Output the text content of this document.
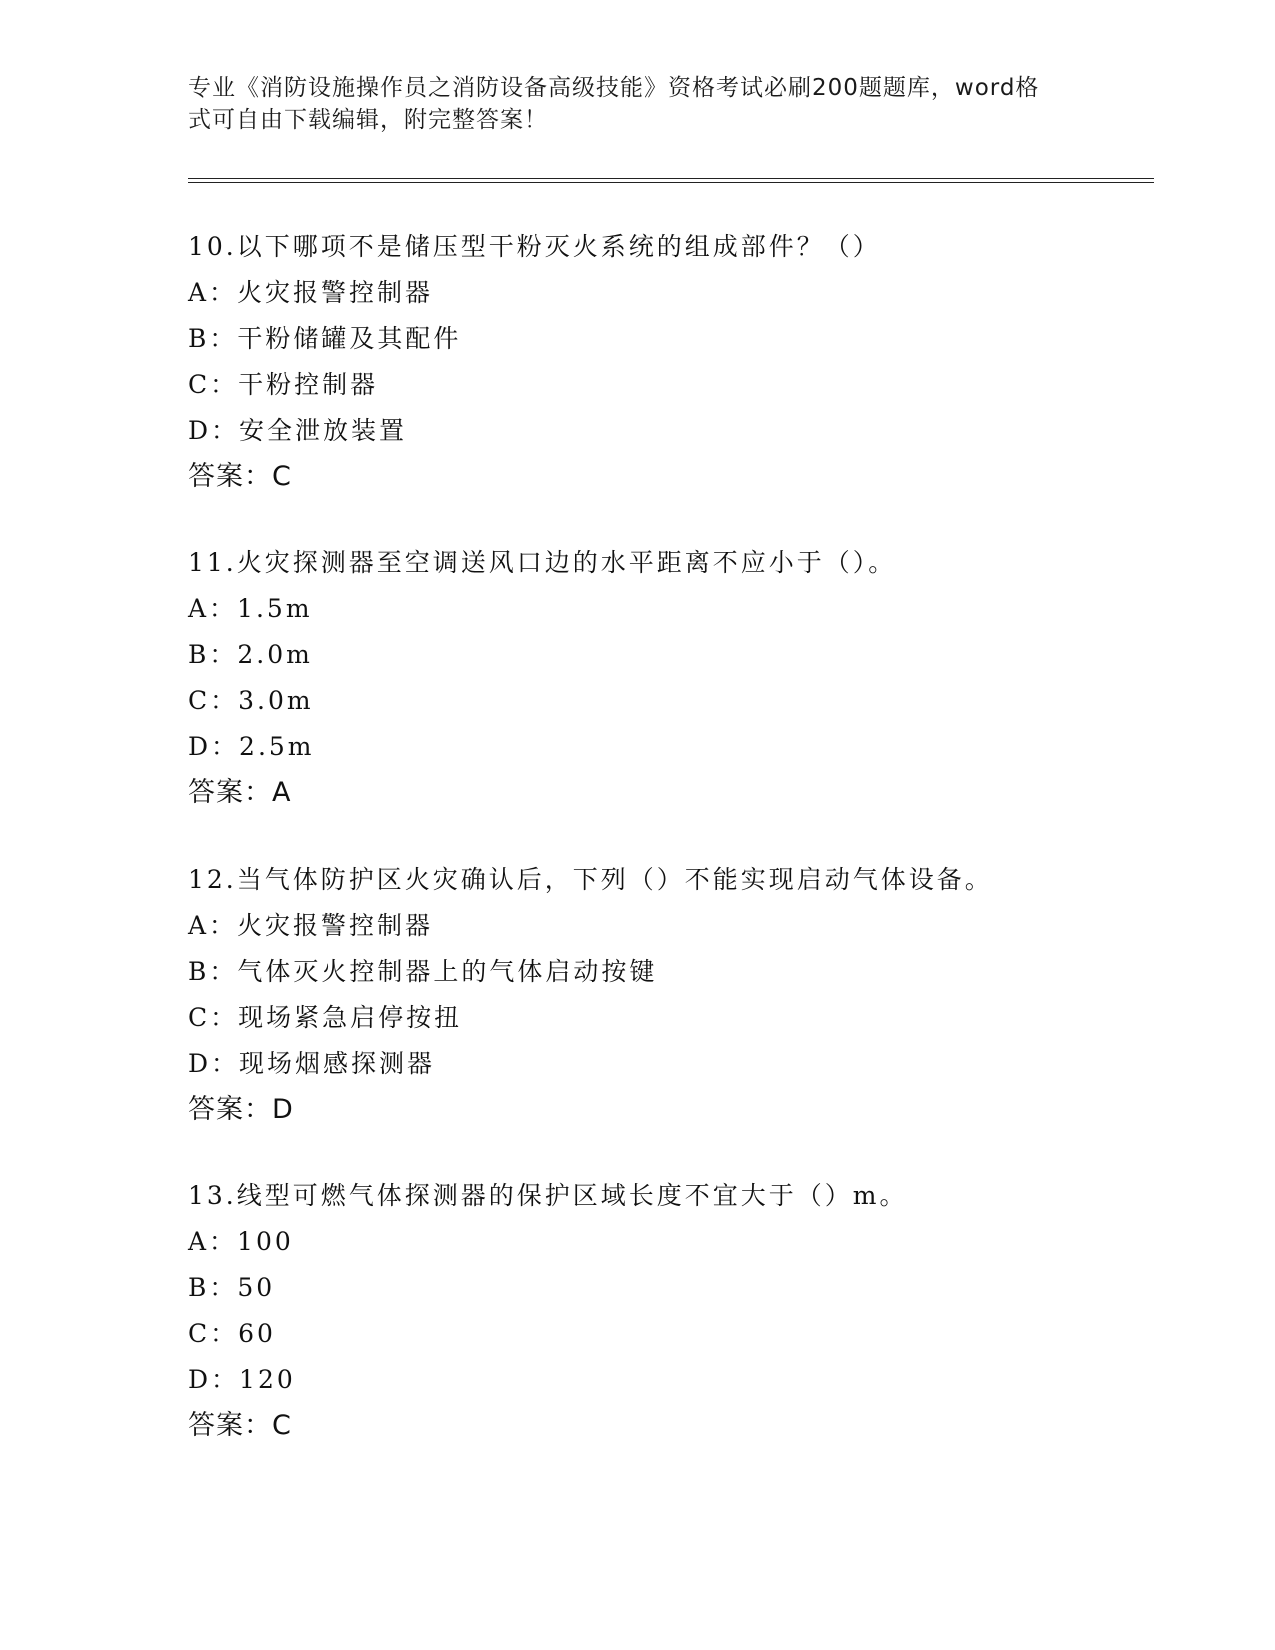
专业《消防设施操作员之消防设备高级技能》资格考试必刷200题题库，word格
式可自由下载编辑，附完整答案！
10.以下哪项不是储压型干粉灭火系统的组成部件？（）
A：火灾报警控制器
B：干粉储罐及其配件
C：干粉控制器
D：安全泄放装置
答案：C
11.火灾探测器至空调送风口边的水平距离不应小于（）。
A：1.5m
B：2.0m
C：3.0m
D：2.5m
答案：A
12.当气体防护区火灾确认后，下列（）不能实现启动气体设备。
A：火灾报警控制器
B：气体灭火控制器上的气体启动按键
C：现场紧急启停按扭
D：现场烟感探测器
答案：D
13.线型可燃气体探测器的保护区域长度不宜大于（）m。
A：100
B：50
C：60
D：120
答案：C
